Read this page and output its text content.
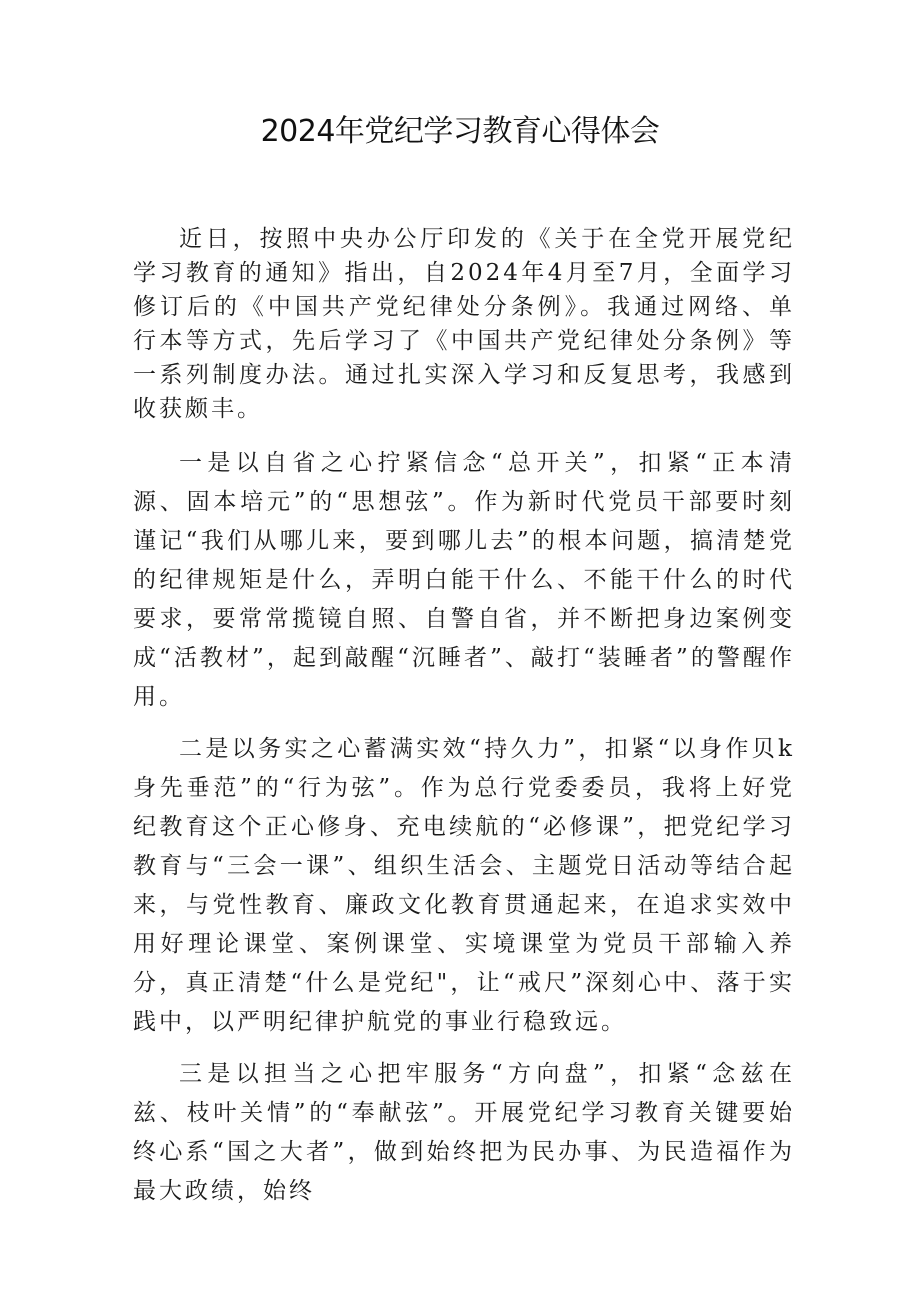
2024年党纪学习教育心得体会

近日，按照中央办公厅印发的《关于在全党开展党纪学习教育的通知》指出，自2024年4月至7月，全面学习修订后的《中国共产党纪律处分条例》。我通过网络、单行本等方式，先后学习了《中国共产党纪律处分条例》等一系列制度办法。通过扎实深入学习和反复思考，我感到收获颇丰。

一是以自省之心拧紧信念“总开关”，扣紧“正本清源、固本培元”的“思想弦”。作为新时代党员干部要时刻谨记“我们从哪儿来，要到哪儿去”的根本问题，搞清楚党的纪律规矩是什么，弄明白能干什么、不能干什么的时代要求，要常常揽镜自照、自警自省，并不断把身边案例变成“活教材”，起到敲醒“沉睡者”、敲打“装睡者”的警醒作用。

二是以务实之心蓄满实效“持久力”，扣紧“以身作贝k身先垂范”的“行为弦”。作为总行党委委员，我将上好党纪教育这个正心修身、充电续航的“必修课”，把党纪学习教育与“三会一课”、组织生活会、主题党日活动等结合起来，与党性教育、廉政文化教育贯通起来，在追求实效中用好理论课堂、案例课堂、实境课堂为党员干部输入养分，真正清楚“什么是党纪"，让“戒尺”深刻心中、落于实践中，以严明纪律护航党的事业行稳致远。

三是以担当之心把牢服务“方向盘”，扣紧“念兹在兹、枝叶关情”的“奉献弦”。开展党纪学习教育关键要始终心系“国之大者”，做到始终把为民办事、为民造福作为最大政绩，始终
